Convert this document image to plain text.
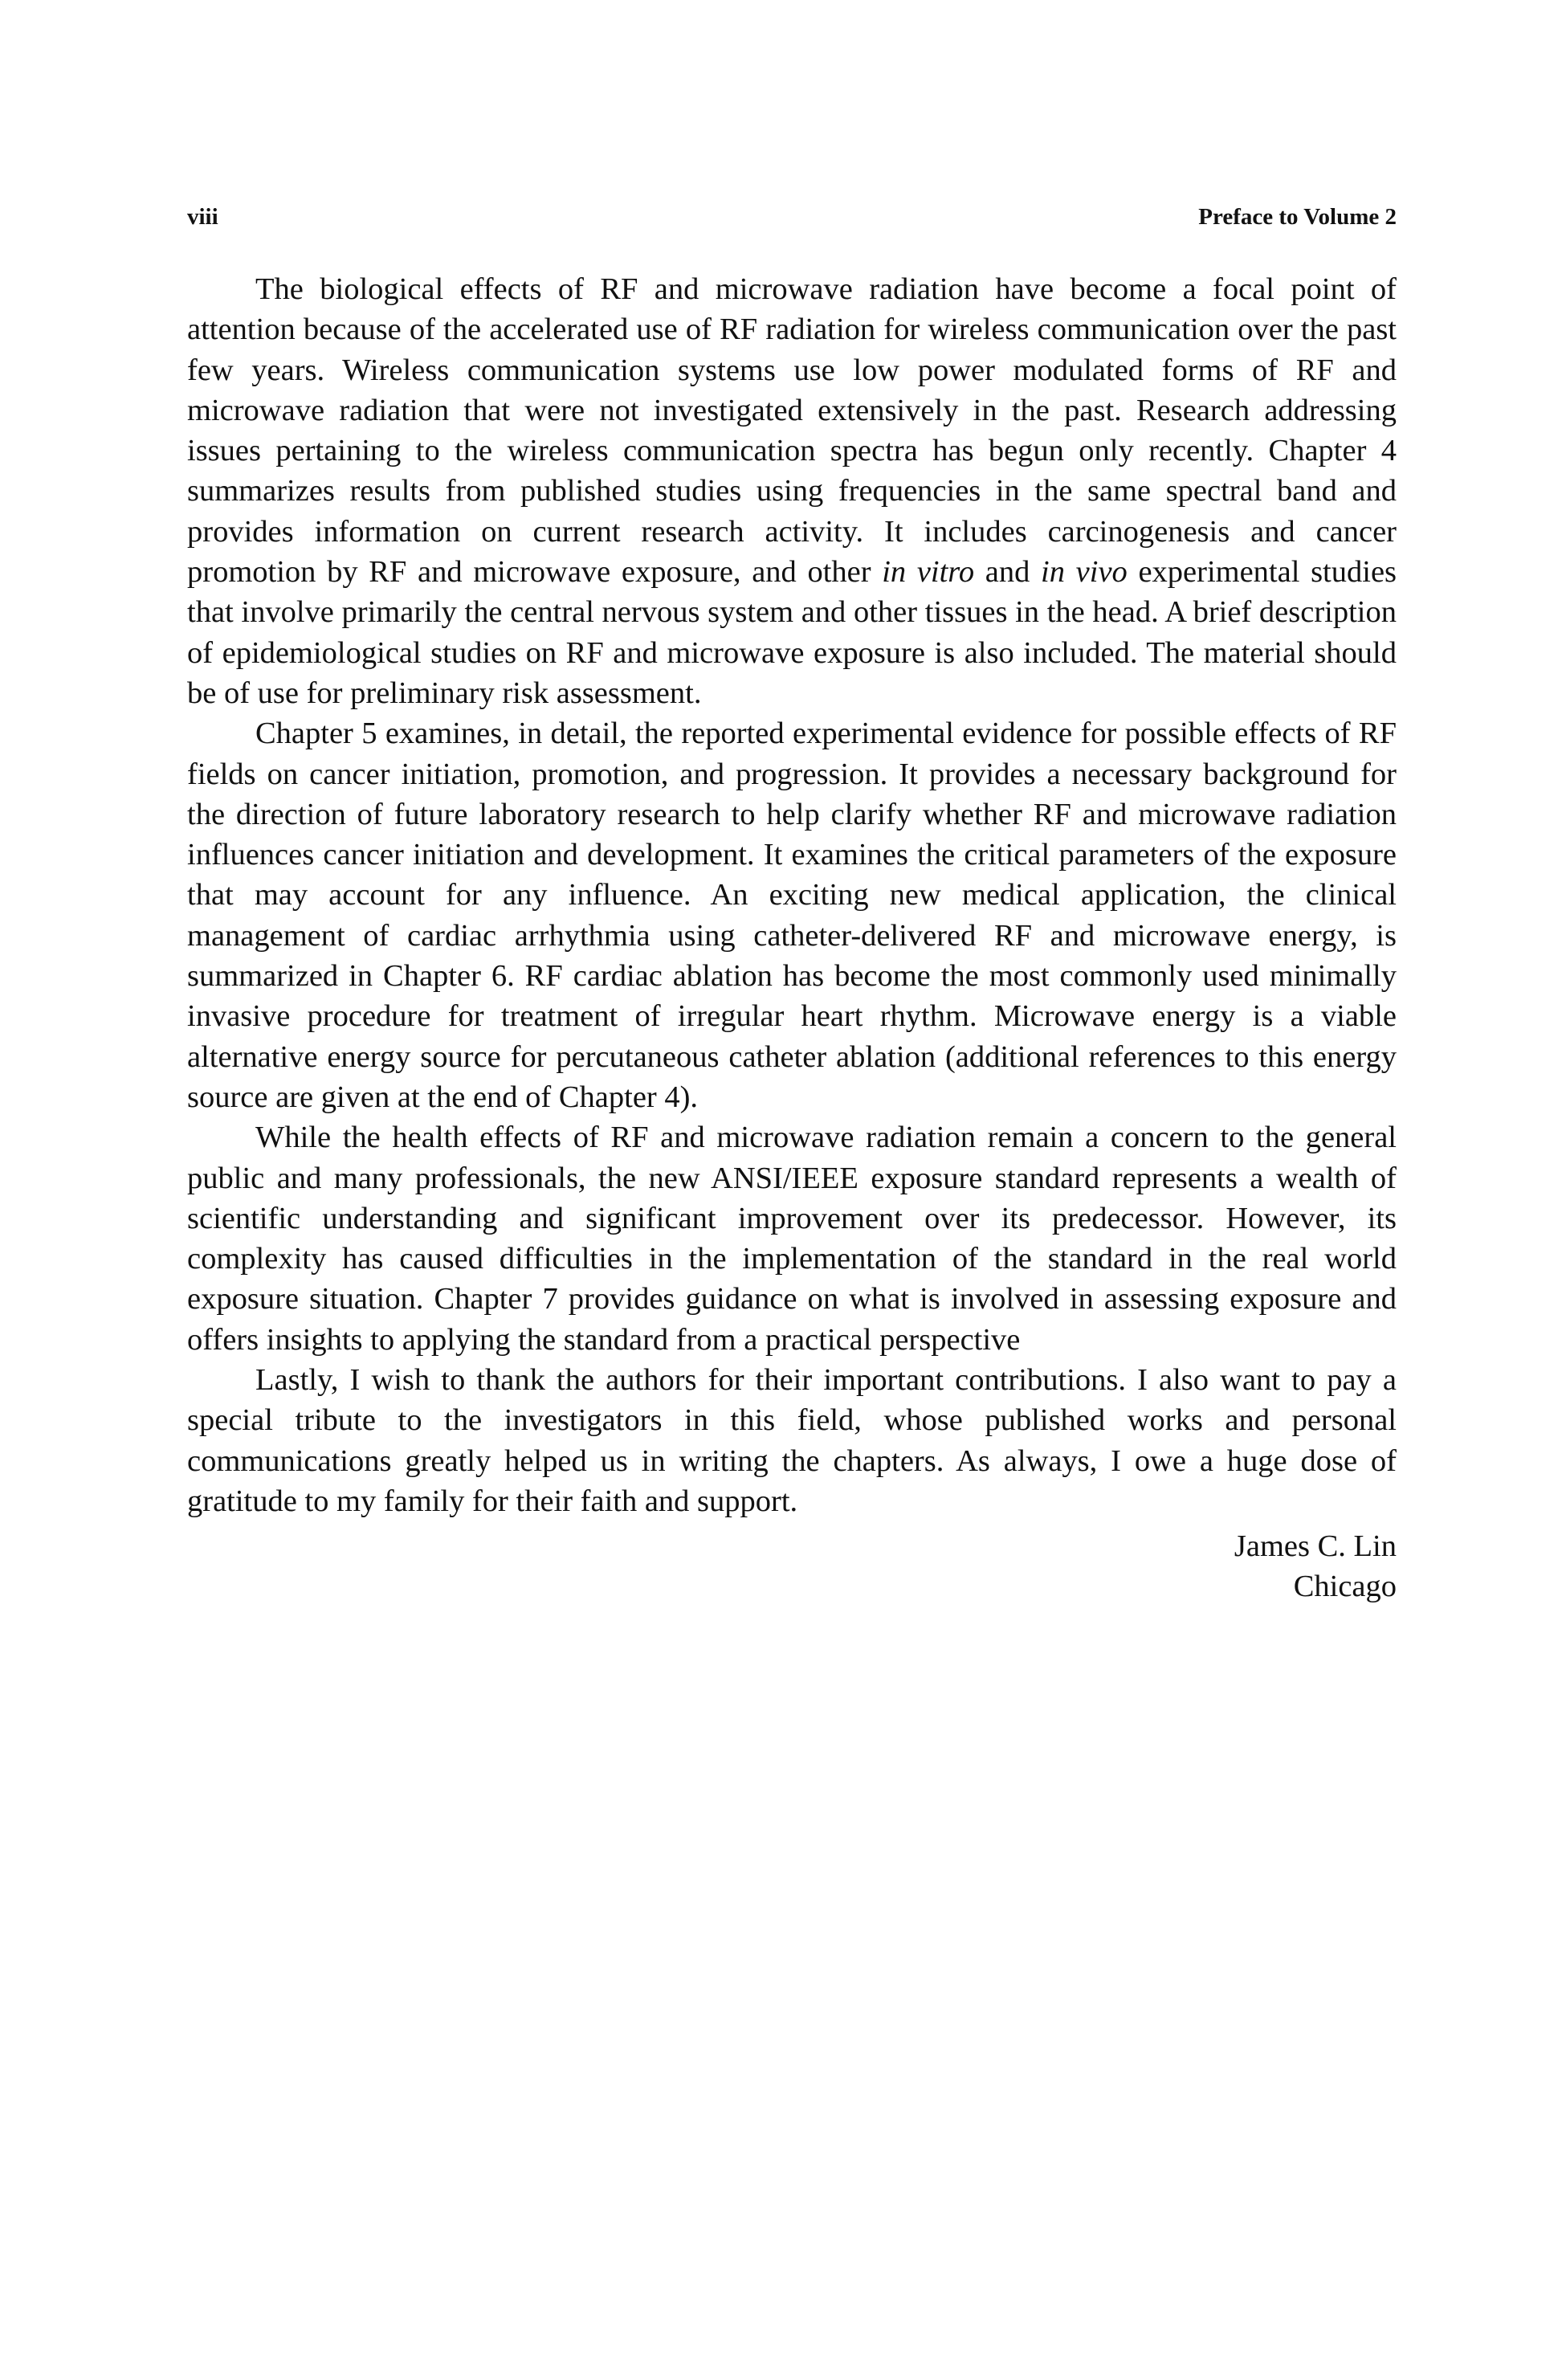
viii	Preface to Volume 2

The biological effects of RF and microwave radiation have become a focal point of attention because of the accelerated use of RF radiation for wireless communication over the past few years. Wireless communication systems use low power modulated forms of RF and microwave radiation that were not investigated extensively in the past. Research addressing issues pertaining to the wireless communication spectra has begun only recently. Chapter 4 summarizes results from published studies using frequencies in the same spectral band and provides information on current research activity. It includes carcinogenesis and cancer promotion by RF and microwave exposure, and other in vitro and in vivo experimental studies that involve primarily the central nervous system and other tissues in the head. A brief description of epidemiological studies on RF and microwave exposure is also included. The material should be of use for preliminary risk assessment.

Chapter 5 examines, in detail, the reported experimental evidence for possible effects of RF fields on cancer initiation, promotion, and progression. It provides a necessary background for the direction of future laboratory research to help clarify whether RF and microwave radiation influences cancer initiation and development. It examines the critical parameters of the exposure that may account for any influence. An exciting new medical application, the clinical management of cardiac arrhythmia using catheter-delivered RF and microwave energy, is summarized in Chapter 6. RF cardiac ablation has become the most commonly used minimally invasive procedure for treatment of irregular heart rhythm. Microwave energy is a viable alternative energy source for percutaneous catheter ablation (additional references to this energy source are given at the end of Chapter 4).

While the health effects of RF and microwave radiation remain a concern to the general public and many professionals, the new ANSI/IEEE exposure standard represents a wealth of scientific understanding and significant improvement over its predecessor. However, its complexity has caused difficulties in the implementation of the standard in the real world exposure situation. Chapter 7 provides guidance on what is involved in assessing exposure and offers insights to applying the standard from a practical perspective

Lastly, I wish to thank the authors for their important contributions. I also want to pay a special tribute to the investigators in this field, whose published works and personal communications greatly helped us in writing the chapters. As always, I owe a huge dose of gratitude to my family for their faith and support.

James C. Lin
Chicago
